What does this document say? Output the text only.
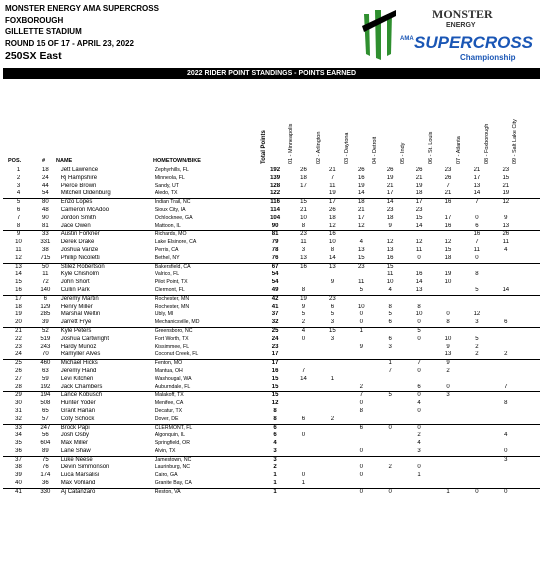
MONSTER ENERGY AMA SUPERCROSS
FOXBOROUGH
GILLETTE STADIUM
ROUND 15 OF 17 - APRIL 23, 2022
250SX East
MONSTER
ENERGY
AMA SUPERCROSS
Championship
2022 RIDER POINT STANDINGS - POINTS EARNED
POS.	# NAME	HOMETOWN/BIKE	Total Points	01 - Minneapolis	02 - Arlington	03 - Daytona	04 - Detroit	05 - Indy	06 - St. Louis	07 - Atlanta	08 - Foxborough	09 - Salt Lake City
1	18	Jett Lawrence	Zephyrhills, FL	192	26	21	26	26	26	23	21	23	
2	24	Rj Hampshire	Minneola, FL	139	18	7	16	19	21	26	17	15	
3	44	Pierce Brown	Sandy, UT	128	17	11	19	21	19	7	13	21	
4	54	Mitchell Oldenburg	Aledo, TX	122		19	14	17	18	21	14	19	
5	80	Enzo Lopes	Indian Trail, NC	116	15	17	18	14	17	16	7	12	
6	48	Cameron McAdoo	Sioux City, IA	114	21	26	21	23	23				
7	90	Jordon Smith	Ochlocknee, GA	104	10	18	17	18	15	17	0	9	
8	81	Jace Owen	Mattoon, IL	90	8	12	12	9	14	16	6	13	
9	33	Austin Forkner	Richards, MO	81	23	16					16	26	
10	331	Derek Drake	Lake Elsinore, CA	79	11	10	4	12	12	12	7	11	
11	38	Joshua Varize	Perris, CA	78	3	8	13	13	11	15	11	4	
12	715	Phillip Nicoletti	Bethel, NY	76	13	14	15	16	0	18	0		
13	50	Stilez Robertson	Bakersfield, CA	67	16	13	23	15					
14	11	Kyle Chisholm	Valrico, FL	54				11	16	19	8		
15	72	John Short	Pilot Point, TX	54		9	11	10	14	10			
16	140	Cullin Park	Clermont, FL	49	8		5	4	13		5	14	
17	6	Jeremy Martin	Rochester, MN	42	19	23							
18	129	Henry Miller	Rochester, MN	41	9	6	10	8	8				
19	285	Marshal Weltin	Ubly, MI	37	5	5	0	5	10	0	12		
20	39	Jarrett Frye	Mechanicsville, MD	32	2	3	0	6	0	8	3	6	
21	52	Kyle Peters	Greensboro, NC	25	4	15	1		5				
22	519	Joshua Cartwright	Fort Worth, TX	24	0	3		6	0	10	5		
23	243	Hardy Munoz	Kissimmee, FL	23			9	3		9	2		
24	70	Ramyller Alves	Coconut Creek, FL	17						13	2	2	
25	460	Michael Hicks	Fenton, MO	17				1	7	9			
26	63	Jeremy Hand	Mantua, OH	16	7			7	0	2			
27	59	Levi Kitchen	Washougal, WA	15	14	1							
28	192	Jack Chambers	Auburndale, FL	15			2		6	0		7	
29	194	Lance Kobusch	Malakoff, TX	15			7	5	0	3			
30	508	Hunter Yoder	Menifee, CA	12			0		4			8	
31	65	Grant Harlan	Decatur, TX	8			8		0				
32	57	Coty Schock	Dover, DE	8	6	2							
33	247	Brock Papi	CLERMONT, FL	6			6	0	0				
34	56	Josh Osby	Algonquin, IL	6	0				2			4	
35	604	Max Miller	Springfield, OR	4					4				
36	89	Lane Shaw	Alvin, TX	3			0		3			0	
37	75	Luke Neese	Jamestown, NC	3								3	
38	76	Devin Simmonson	Laurinburg, NC	2			0	2	0				
39	174	Luca Marsalisi	Cairo, GA	1	0		0		1				
40	36	Max Vohland	Granite Bay, CA	1	1								
41	330	Aj Catanzaro	Reston, VA	1			0	0		1	0	0	
